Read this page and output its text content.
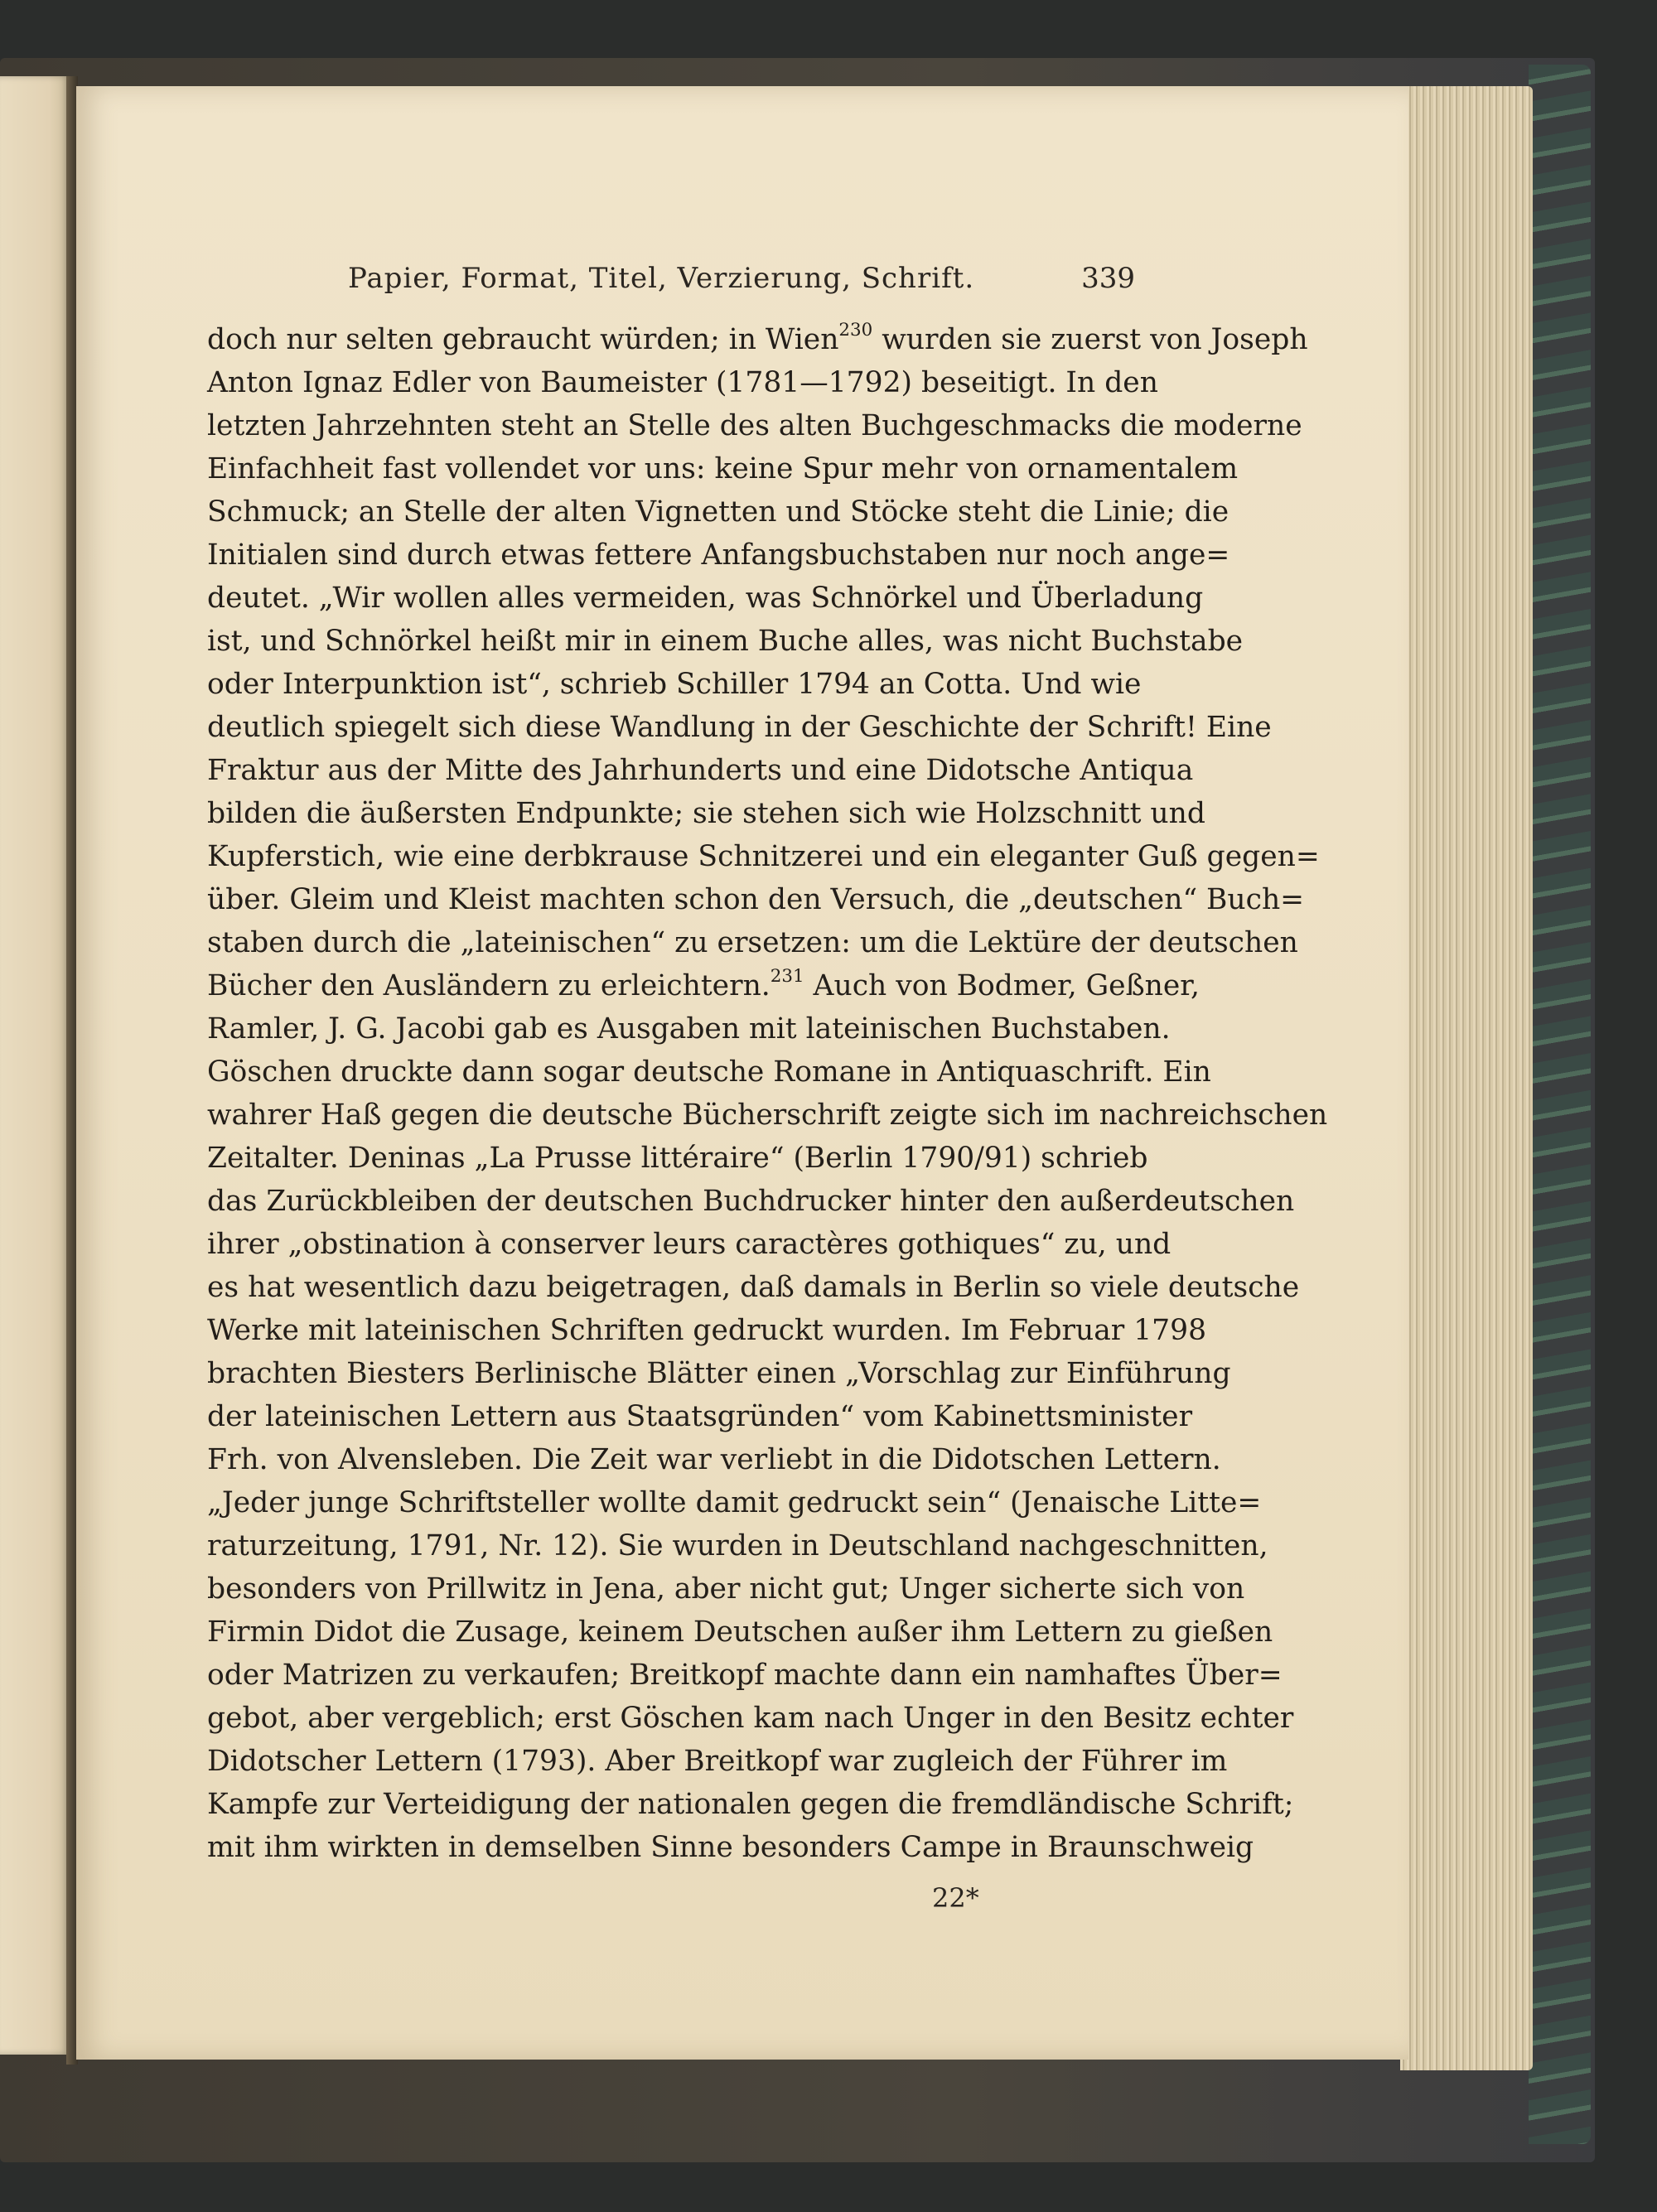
Papier, Format, Titel, Verzierung, Schrift.	339
doch nur selten gebraucht würden; in Wien$^{230}$ wurden sie zuerst von Joseph
Anton Ignaz Edler von Baumeister (1781—1792) beseitigt. In den
letzten Jahrzehnten steht an Stelle des alten Buchgeschmacks die moderne
Einfachheit fast vollendet vor uns: keine Spur mehr von ornamentalem
Schmuck; an Stelle der alten Vignetten und Stöcke steht die Linie; die
Initialen sind durch etwas fettere Anfangsbuchstaben nur noch ange=
deutet. „Wir wollen alles vermeiden, was Schnörkel und Überladung
ist, und Schnörkel heißt mir in einem Buche alles, was nicht Buchstabe
oder Interpunktion ist“, schrieb Schiller 1794 an Cotta. Und wie
deutlich spiegelt sich diese Wandlung in der Geschichte der Schrift! Eine
Fraktur aus der Mitte des Jahrhunderts und eine Didotsche Antiqua
bilden die äußersten Endpunkte; sie stehen sich wie Holzschnitt und
Kupferstich, wie eine derbkrause Schnitzerei und ein eleganter Guß gegen=
über. Gleim und Kleist machten schon den Versuch, die „deutschen“ Buch=
staben durch die „lateinischen“ zu ersetzen: um die Lektüre der deutschen
Bücher den Ausländern zu erleichtern.$^{231}$ Auch von Bodmer, Geßner,
Ramler, J. G. Jacobi gab es Ausgaben mit lateinischen Buchstaben.
Göschen druckte dann sogar deutsche Romane in Antiquaschrift. Ein
wahrer Haß gegen die deutsche Bücherschrift zeigte sich im nachreichschen
Zeitalter. Deninas „La Prusse littéraire“ (Berlin 1790/91) schrieb
das Zurückbleiben der deutschen Buchdrucker hinter den außerdeutschen
ihrer „obstination à conserver leurs caractères gothiques“ zu, und
es hat wesentlich dazu beigetragen, daß damals in Berlin so viele deutsche
Werke mit lateinischen Schriften gedruckt wurden. Im Februar 1798
brachten Biesters Berlinische Blätter einen „Vorschlag zur Einführung
der lateinischen Lettern aus Staatsgründen“ vom Kabinettsminister
Frh. von Alvensleben. Die Zeit war verliebt in die Didotschen Lettern.
„Jeder junge Schriftsteller wollte damit gedruckt sein“ (Jenaische Litte=
raturzeitung, 1791, Nr. 12). Sie wurden in Deutschland nachgeschnitten,
besonders von Prillwitz in Jena, aber nicht gut; Unger sicherte sich von
Firmin Didot die Zusage, keinem Deutschen außer ihm Lettern zu gießen
oder Matrizen zu verkaufen; Breitkopf machte dann ein namhaftes Über=
gebot, aber vergeblich; erst Göschen kam nach Unger in den Besitz echter
Didotscher Lettern (1793). Aber Breitkopf war zugleich der Führer im
Kampfe zur Verteidigung der nationalen gegen die fremdländische Schrift;
mit ihm wirkten in demselben Sinne besonders Campe in Braunschweig
22*
